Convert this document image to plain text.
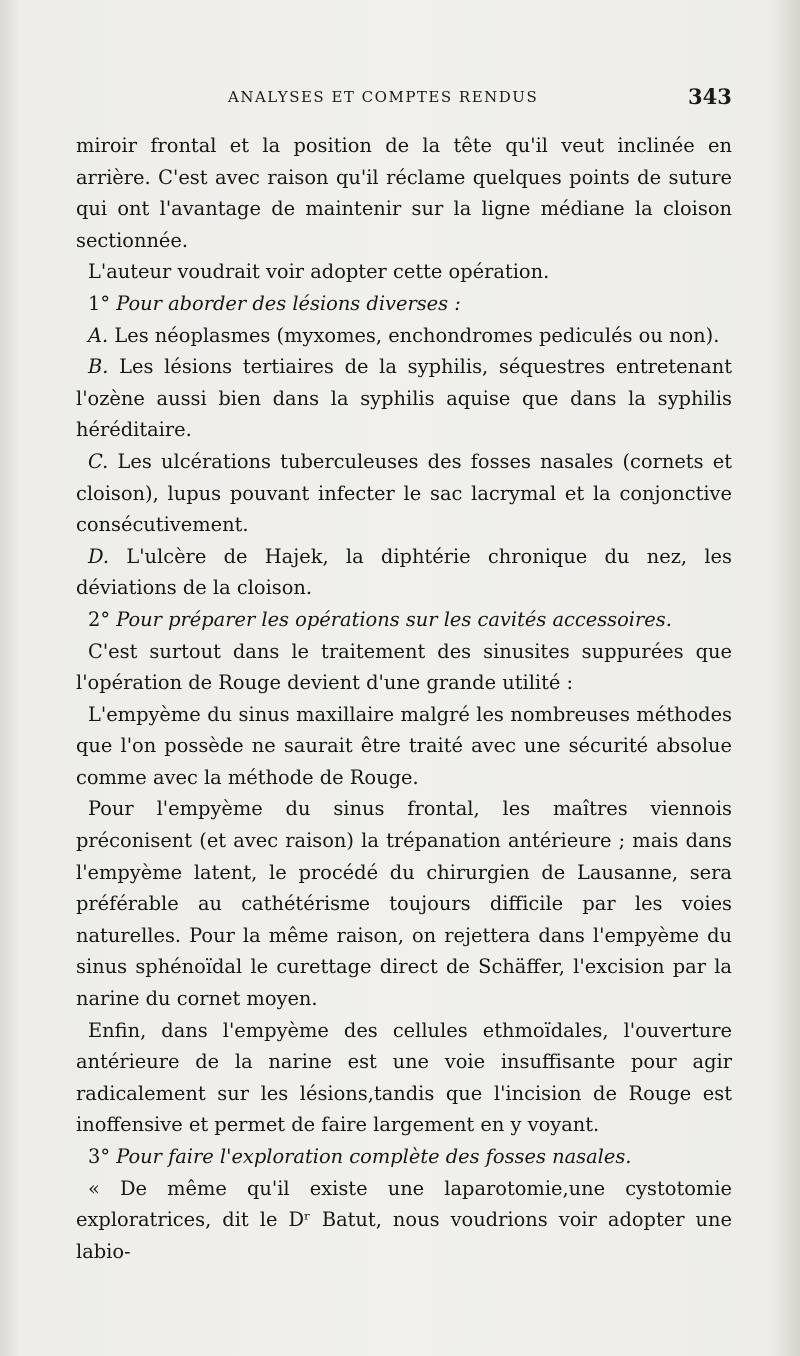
ANALYSES ET COMPTES RENDUS	343

miroir frontal et la position de la tête qu'il veut inclinée en arrière. C'est avec raison qu'il réclame quelques points de suture qui ont l'avantage de maintenir sur la ligne médiane la cloison sectionnée.

L'auteur voudrait voir adopter cette opération.

1° Pour aborder des lésions diverses :

A. Les néoplasmes (myxomes, enchondromes pediculés ou non).

B. Les lésions tertiaires de la syphilis, séquestres entretenant l'ozène aussi bien dans la syphilis aquise que dans la syphilis héréditaire.

C. Les ulcérations tuberculeuses des fosses nasales (cornets et cloison), lupus pouvant infecter le sac lacrymal et la conjonctive consécutivement.

D. L'ulcère de Hajek, la diphtérie chronique du nez, les déviations de la cloison.

2° Pour préparer les opérations sur les cavités accessoires.

C'est surtout dans le traitement des sinusites suppurées que l'opération de Rouge devient d'une grande utilité :

L'empyème du sinus maxillaire malgré les nombreuses méthodes que l'on possède ne saurait être traité avec une sécurité absolue comme avec la méthode de Rouge.

Pour l'empyème du sinus frontal, les maîtres viennois préconisent (et avec raison) la trépanation antérieure ; mais dans l'empyème latent, le procédé du chirurgien de Lausanne, sera préférable au cathétérisme toujours difficile par les voies naturelles. Pour la même raison, on rejettera dans l'empyème du sinus sphénoïdal le curettage direct de Schäffer, l'excision par la narine du cornet moyen.

Enfin, dans l'empyème des cellules ethmoïdales, l'ouverture antérieure de la narine est une voie insuffisante pour agir radicalement sur les lésions,tandis que l'incision de Rouge est inoffensive et permet de faire largement en y voyant.

3° Pour faire l'exploration complète des fosses nasales.

« De même qu'il existe une laparotomie,une cystotomie exploratrices, dit le Dʳ Batut, nous voudrions voir adopter une labio-
